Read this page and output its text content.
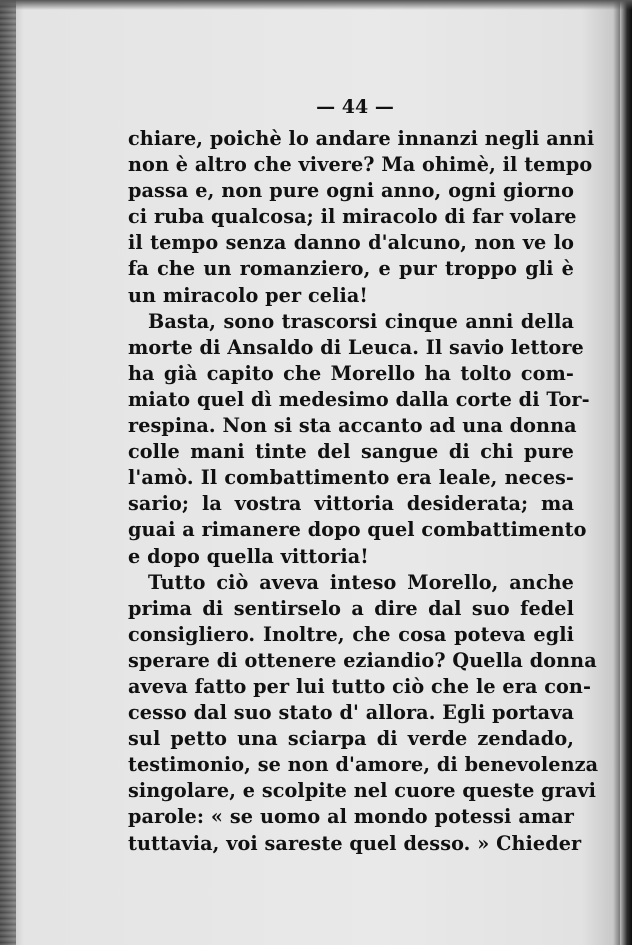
— 44 —
chiare, poichè lo andare innanzi negli anni
non è altro che vivere? Ma ohimè, il tempo
passa e, non pure ogni anno, ogni giorno
ci ruba qualcosa; il miracolo di far volare
il tempo senza danno d'alcuno, non ve lo
fa che un romanziero, e pur troppo gli è
un miracolo per celia!
Basta, sono trascorsi cinque anni della
morte di Ansaldo di Leuca. Il savio lettore
ha già capito che Morello ha tolto com-
miato quel dì medesimo dalla corte di Tor-
respina. Non si sta accanto ad una donna
colle mani tinte del sangue di chi pure
l'amò. Il combattimento era leale, neces-
sario; la vostra vittoria desiderata; ma
guai a rimanere dopo quel combattimento
e dopo quella vittoria!
Tutto ciò aveva inteso Morello, anche
prima di sentirselo a dire dal suo fedel
consigliero. Inoltre, che cosa poteva egli
sperare di ottenere eziandio? Quella donna
aveva fatto per lui tutto ciò che le era con-
cesso dal suo stato d' allora. Egli portava
sul petto una sciarpa di verde zendado,
testimonio, se non d'amore, di benevolenza
singolare, e scolpite nel cuore queste gravi
parole: « se uomo al mondo potessi amar
tuttavia, voi sareste quel desso. » Chieder
